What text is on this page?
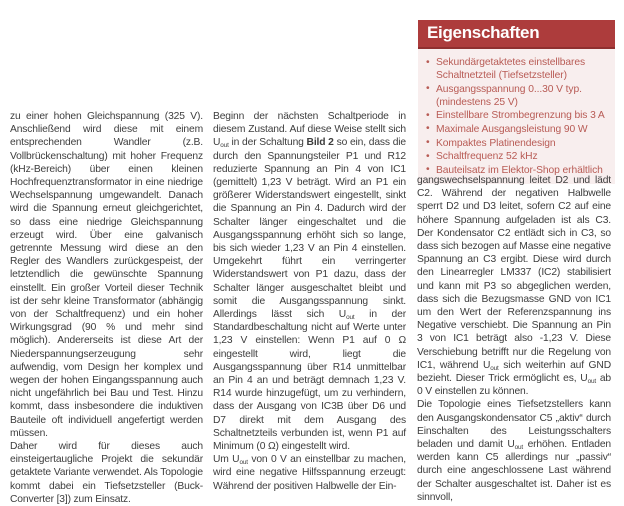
Eigenschaften
• Sekundärgetaktetes einstellbares Schaltnetzteil (Tiefsetzsteller)
• Ausgangsspannung 0...30 V typ. (mindestens 25 V)
• Einstellbare Strombegrenzung bis 3 A
• Maximale Ausgangsleistung 90 W
• Kompaktes Platinendesign
• Schaltfrequenz 52 kHz
• Bauteilsatz im Elektor-Shop erhältlich

zu einer hohen Gleichspannung (325 V). Anschließend wird diese mit einem entsprechenden Wandler (z.B. Vollbrückenschaltung) mit hoher Frequenz (kHz-Bereich) über einen kleinen Hochfrequenztransformator in eine niedrige Wechselspannung umgewandelt. Danach wird die Spannung erneut gleichgerichtet, so dass eine niedrige Gleichspannung erzeugt wird. Über eine galvanisch getrennte Messung wird diese an den Regler des Wandlers zurückgespeist, der letztendlich die gewünschte Spannung einstellt. Ein großer Vorteil dieser Technik ist der sehr kleine Transformator (abhängig von der Schaltfrequenz) und ein hoher Wirkungsgrad (90 % und mehr sind möglich). Andererseits ist diese Art der Niederspannungserzeugung sehr aufwendig, vom Design her komplex und wegen der hohen Eingangsspannung auch nicht ungefährlich bei Bau und Test. Hinzu kommt, dass insbesondere die induktiven Bauteile oft individuell angefertigt werden müssen.

Daher wird für dieses auch einsteigertaugliche Projekt die sekundär getaktete Variante verwendet. Als Topologie kommt dabei ein Tiefsetzsteller (Buck-Converter [3]) zum Einsatz.

Beginn der nächsten Schaltperiode in diesem Zustand. Auf diese Weise stellt sich $U_{out}$ in der Schaltung Bild 2 so ein, dass die durch den Spannungsteiler P1 und R12 reduzierte Spannung an Pin 4 von IC1 (gemittelt) 1,23 V beträgt. Wird an P1 ein größerer Widerstandswert eingestellt, sinkt die Spannung an Pin 4. Dadurch wird der Schalter länger eingeschaltet und die Ausgangsspannung erhöht sich so lange, bis sich wieder 1,23 V an Pin 4 einstellen. Umgekehrt führt ein verringerter Widerstandswert von P1 dazu, dass der Schalter länger ausgeschaltet bleibt und somit die Ausgangsspannung sinkt. Allerdings lässt sich $U_{out}$ in der Standardbeschaltung nicht auf Werte unter 1,23 V einstellen: Wenn P1 auf 0 Ω eingestellt wird, liegt die Ausgangsspannung über R14 unmittelbar an Pin 4 an und beträgt demnach 1,23 V. R14 wurde hinzugefügt, um zu verhindern, dass der Ausgang von IC3B über D6 und D7 direkt mit dem Ausgang des Schaltnetzteils verbunden ist, wenn P1 auf Minimum (0 Ω) eingestellt wird.

Um $U_{out}$ von 0 V an einstellbar zu machen, wird eine negative Hilfsspannung erzeugt: Während der positiven Halbwelle der Ein-

gangswechselspannung leitet D2 und lädt C2. Während der negativen Halbwelle sperrt D2 und D3 leitet, sofern C2 auf eine höhere Spannung aufgeladen ist als C3. Der Kondensator C2 entlädt sich in C3, so dass sich bezogen auf Masse eine negative Spannung an C3 ergibt. Diese wird durch den Linearregler LM337 (IC2) stabilisiert und kann mit P3 so abgeglichen werden, dass sich die Bezugsmasse GND von IC1 um den Wert der Referenzspannung ins Negative verschiebt. Die Spannung an Pin 3 von IC1 beträgt also -1,23 V. Diese Verschiebung betrifft nur die Regelung von IC1, während $U_{out}$ sich weiterhin auf GND bezieht. Dieser Trick ermöglicht es, $U_{out}$ ab 0 V einstellen zu können.

Die Topologie eines Tiefsetzstellers kann den Ausgangskondensator C5 „aktiv“ durch Einschalten des Leistungsschalters beladen und damit $U_{out}$ erhöhen. Entladen werden kann C5 allerdings nur „passiv“ durch eine angeschlossene Last während der Schalter ausgeschaltet ist. Daher ist es sinnvoll,
